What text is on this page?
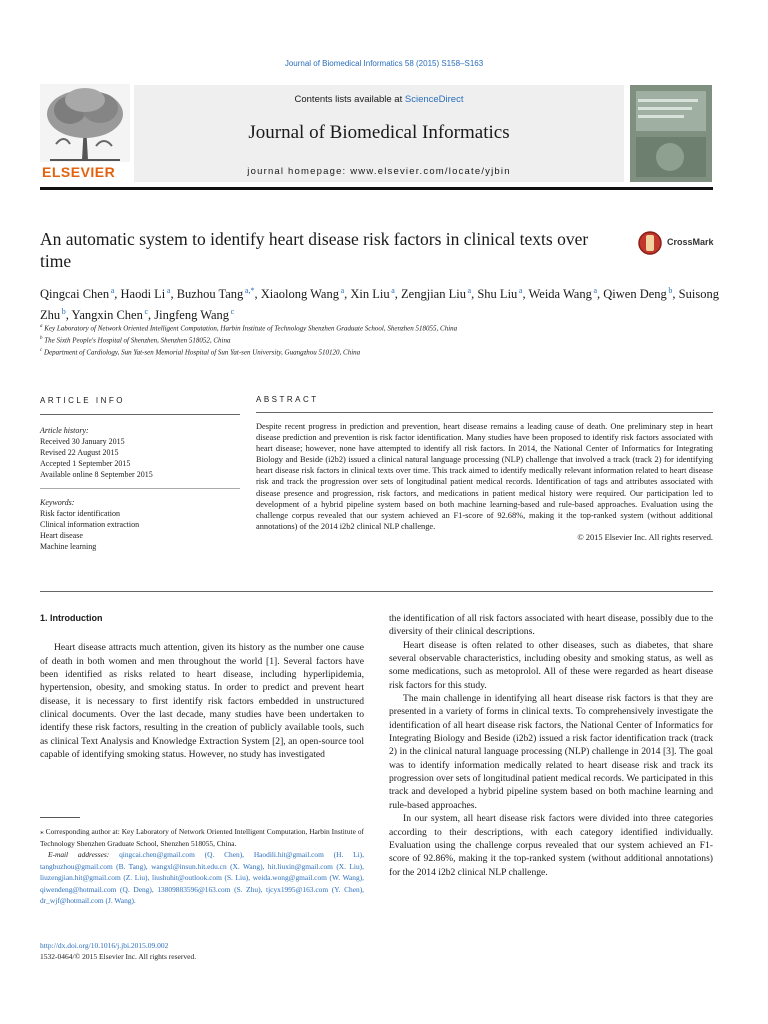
Journal of Biomedical Informatics 58 (2015) S158–S163
ELSEVIER
Contents lists available at ScienceDirect
Journal of Biomedical Informatics
journal homepage: www.elsevier.com/locate/yjbin
An automatic system to identify heart disease risk factors in clinical texts over time
CrossMark
Qingcai Chen $^a$, Haodi Li $^a$, Buzhou Tang $^{a,*}$, Xiaolong Wang $^a$, Xin Liu $^a$, Zengjian Liu $^a$, Shu Liu $^a$, Weida Wang $^a$, Qiwen Deng $^b$, Suisong Zhu $^b$, Yangxin Chen $^c$, Jingfeng Wang $^c$
$^a$ Key Laboratory of Network Oriented Intelligent Computation, Harbin Institute of Technology Shenzhen Graduate School, Shenzhen 518055, China
$^b$ The Sixth People's Hospital of Shenzhen, Shenzhen 518052, China
$^c$ Department of Cardiology, Sun Yat-sen Memorial Hospital of Sun Yat-sen University, Guangzhou 510120, China
ARTICLE INFO
Article history:
Received 30 January 2015
Revised 22 August 2015
Accepted 1 September 2015
Available online 8 September 2015
Keywords:
Risk factor identification
Clinical information extraction
Heart disease
Machine learning
ABSTRACT
Despite recent progress in prediction and prevention, heart disease remains a leading cause of death. One preliminary step in heart disease prediction and prevention is risk factor identification. Many studies have been proposed to identify risk factors associated with heart disease; however, none have attempted to identify all risk factors. In 2014, the National Center of Informatics for Integrating Biology and Beside (i2b2) issued a clinical natural language processing (NLP) challenge that involved a track (track 2) for identifying heart disease risk factors in clinical texts over time. This track aimed to identify medically relevant information related to heart disease risk and track the progression over sets of longitudinal patient medical records. Identification of tags and attributes associated with disease presence and progression, risk factors, and medications in patient medical history were required. Our participation led to development of a hybrid pipeline system based on both machine learning-based and rule-based approaches. Evaluation using the challenge corpus revealed that our system achieved an F1-score of 92.68%, making it the top-ranked system (without additional annotations) of the 2014 i2b2 clinical NLP challenge.
© 2015 Elsevier Inc. All rights reserved.
1. Introduction

Heart disease attracts much attention, given its history as the number one cause of death in both women and men throughout the world [1]. Several factors have been identified as risks related to heart disease, including hyperlipidemia, hypertension, obesity, and smoking status. In order to predict and prevent heart disease, it is necessary to first identify risk factors embedded in unstructured clinical documents. Over the last decade, many studies have been undertaken to identify these risk factors, resulting in the creation of publicly available tools, such as clinical Text Analysis and Knowledge Extraction System [2], an open-source tool capable of identifying smoking status. However, no study has investigated

the identification of all risk factors associated with heart disease, possibly due to the diversity of their clinical descriptions.

Heart disease is often related to other diseases, such as diabetes, that share several observable characteristics, including obesity and smoking status, as well as some medications, such as metoprolol. All of these were regarded as heart disease risk factors for this study.

The main challenge in identifying all heart disease risk factors is that they are presented in a variety of forms in clinical texts. To comprehensively investigate the identification of all heart disease risk factors, the National Center of Informatics for Integrating Biology and Beside (i2b2) issued a risk factor identification track (track 2) in the clinical natural language processing (NLP) challenge in 2014 [3]. The goal was to identify information medically related to heart disease risk and track its progression over sets of longitudinal patient medical records. We participated in this track and developed a hybrid pipeline system based on both machine learning and rule-based approaches.

In our system, all heart disease risk factors were divided into three categories according to their descriptions, with each category identified individually. Evaluation using the challenge corpus revealed that our system achieved an F1-score of 92.86%, making it the top-ranked system (without additional annotations) for the 2014 i2b2 clinical NLP challenge.

⁎ Corresponding author at: Key Laboratory of Network Oriented Intelligent Computation, Harbin Institute of Technology Shenzhen Graduate School, Shenzhen 518055, China.
E-mail addresses: qingcai.chen@gmail.com (Q. Chen), Haodili.hit@gmail.com (H. Li), tangbuzhou@gmail.com (B. Tang), wangxl@insun.hit.edu.cn (X. Wang), hit.liuxin@gmail.com (X. Liu), liuzengjian.hit@gmail.com (Z. Liu), liushuhit@outlook.com (S. Liu), weida.wong@gmail.com (W. Wang), qiwendeng@hotmail.com (Q. Deng), 13809883596@163.com (S. Zhu), tjcyx1995@163.com (Y. Chen), dr_wjf@hotmail.com (J. Wang).
http://dx.doi.org/10.1016/j.jbi.2015.09.002
1532-0464/© 2015 Elsevier Inc. All rights reserved.
